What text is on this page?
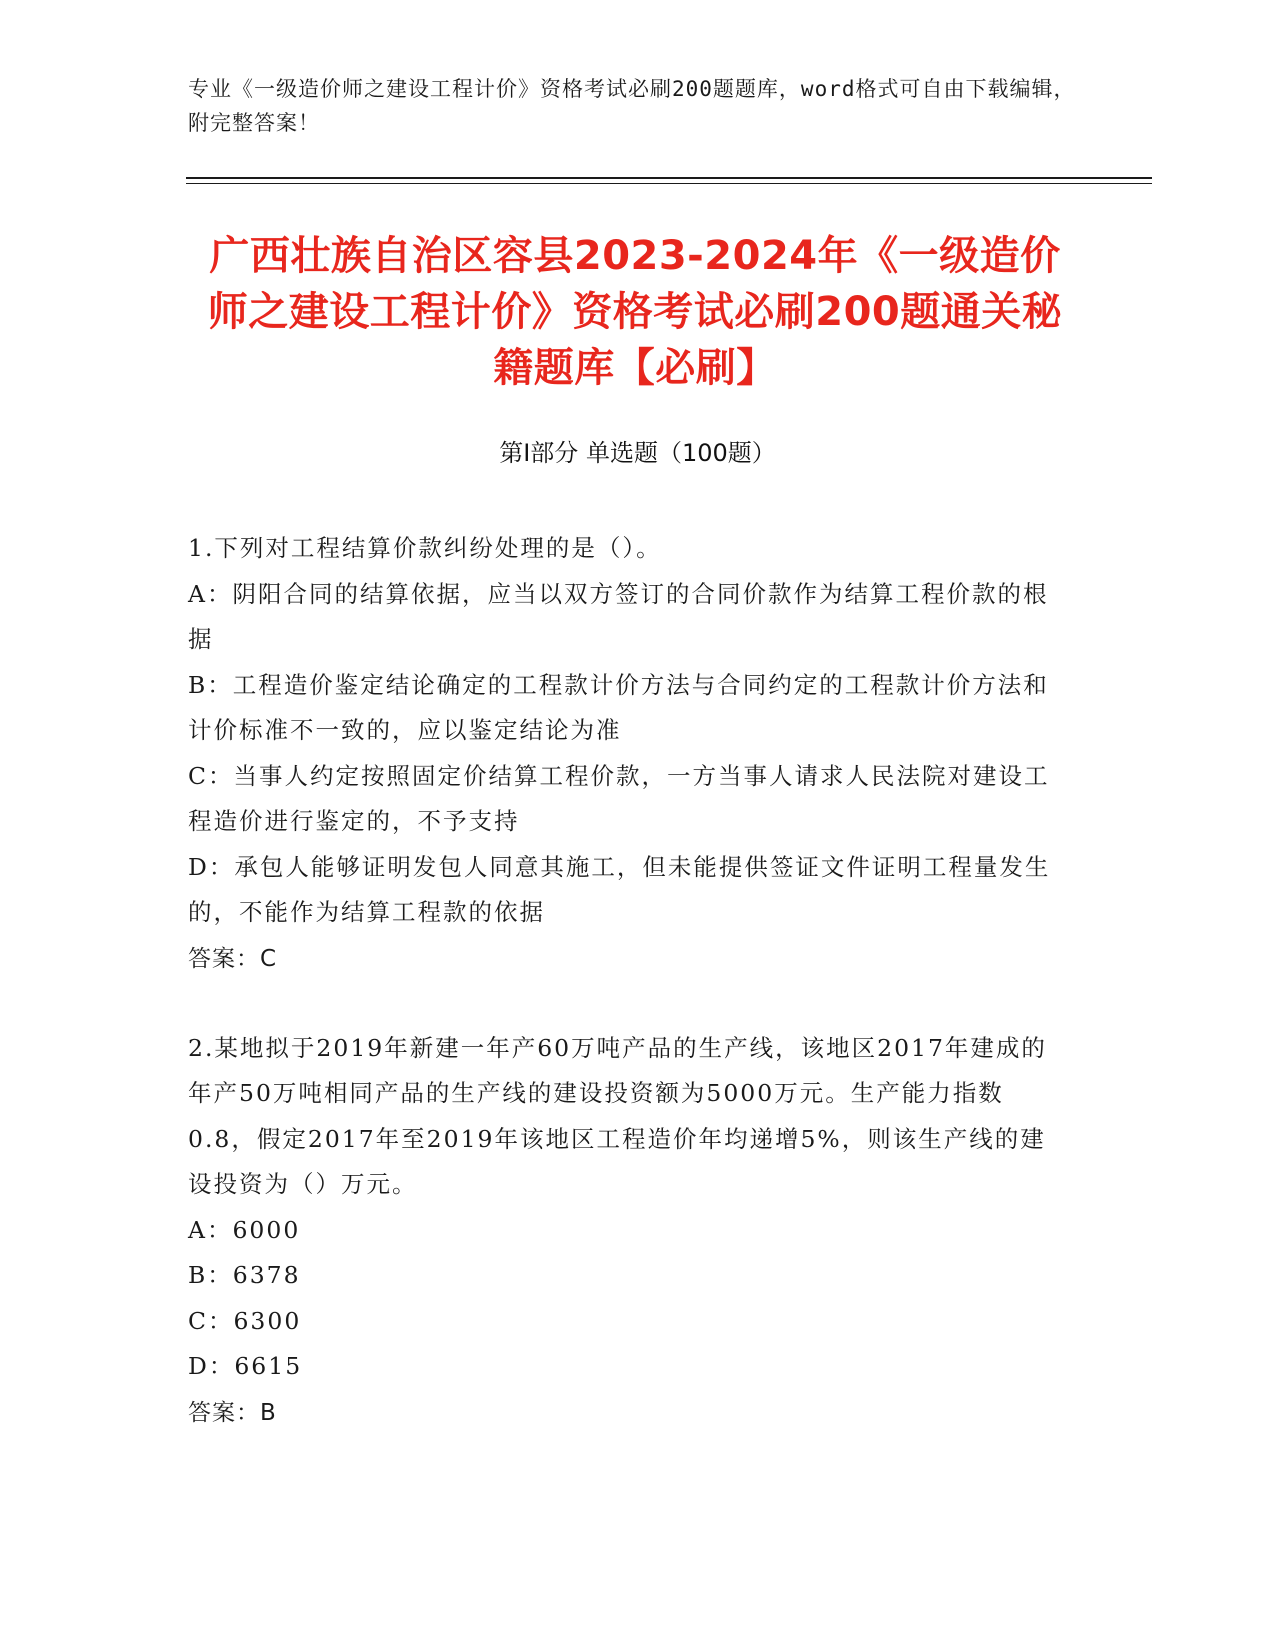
专业《一级造价师之建设工程计价》资格考试必刷200题题库，word格式可自由下载编辑，附完整答案！
广西壮族自治区容县2023-2024年《一级造价师之建设工程计价》资格考试必刷200题通关秘籍题库【必刷】
第Ⅰ部分 单选题（100题）

1.下列对工程结算价款纠纷处理的是（）。

A：阴阳合同的结算依据，应当以双方签订的合同价款作为结算工程价款的根据

B：工程造价鉴定结论确定的工程款计价方法与合同约定的工程款计价方法和计价标准不一致的，应以鉴定结论为准

C：当事人约定按照固定价结算工程价款，一方当事人请求人民法院对建设工程造价进行鉴定的，不予支持

D：承包人能够证明发包人同意其施工，但未能提供签证文件证明工程量发生的，不能作为结算工程款的依据

答案：C

2.某地拟于2019年新建一年产60万吨产品的生产线，该地区2017年建成的年产50万吨相同产品的生产线的建设投资额为5000万元。生产能力指数0.8，假定2017年至2019年该地区工程造价年均递增5%，则该生产线的建设投资为（）万元。

A：6000

B：6378

C：6300

D：6615

答案：B
